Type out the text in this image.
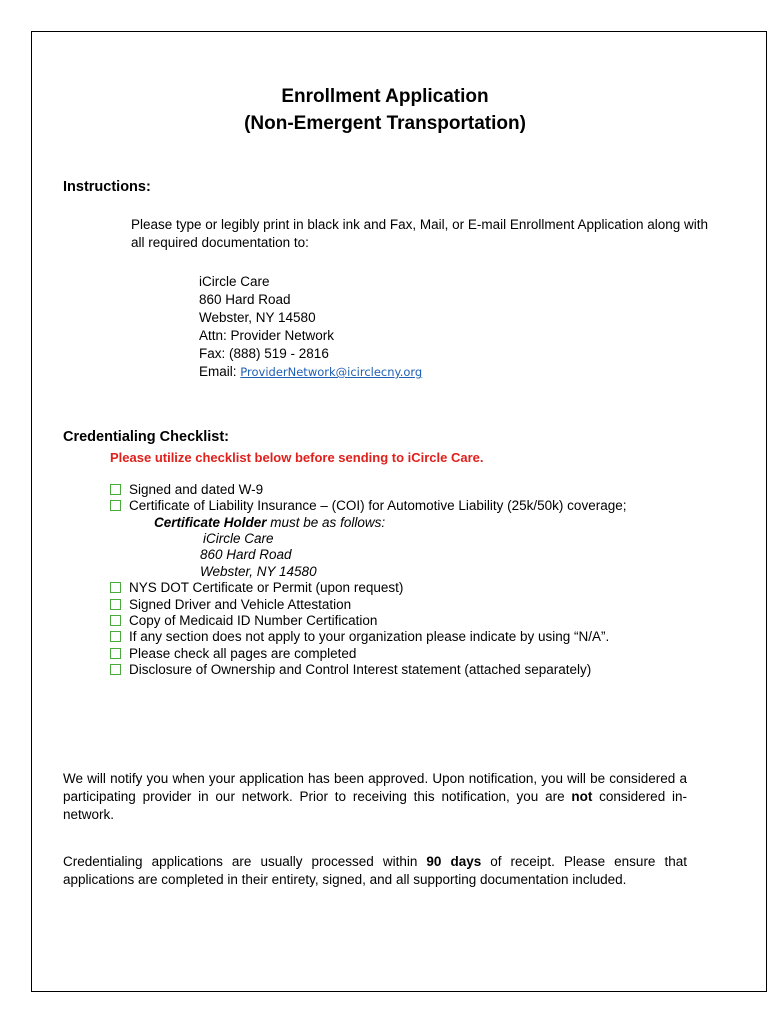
Enrollment Application
(Non-Emergent Transportation)
Instructions:
Please type or legibly print in black ink and Fax, Mail, or E-mail Enrollment Application along with all required documentation to:
iCircle Care
860 Hard Road
Webster, NY 14580
Attn: Provider Network
Fax: (888) 519 - 2816
Email: ProviderNetwork@icirclecny.org
Credentialing Checklist:
Please utilize checklist below before sending to iCircle Care.
Signed and dated W-9
Certificate of Liability Insurance – (COI) for Automotive Liability (25k/50k) coverage;
Certificate Holder must be as follows:
iCircle Care
860 Hard Road
Webster, NY 14580
NYS DOT Certificate or Permit (upon request)
Signed Driver and Vehicle Attestation
Copy of Medicaid ID Number Certification
If any section does not apply to your organization please indicate by using “N/A”.
Please check all pages are completed
Disclosure of Ownership and Control Interest statement (attached separately)
We will notify you when your application has been approved. Upon notification, you will be considered a participating provider in our network. Prior to receiving this notification, you are not considered in-network.
Credentialing applications are usually processed within 90 days of receipt. Please ensure that applications are completed in their entirety, signed, and all supporting documentation included.
